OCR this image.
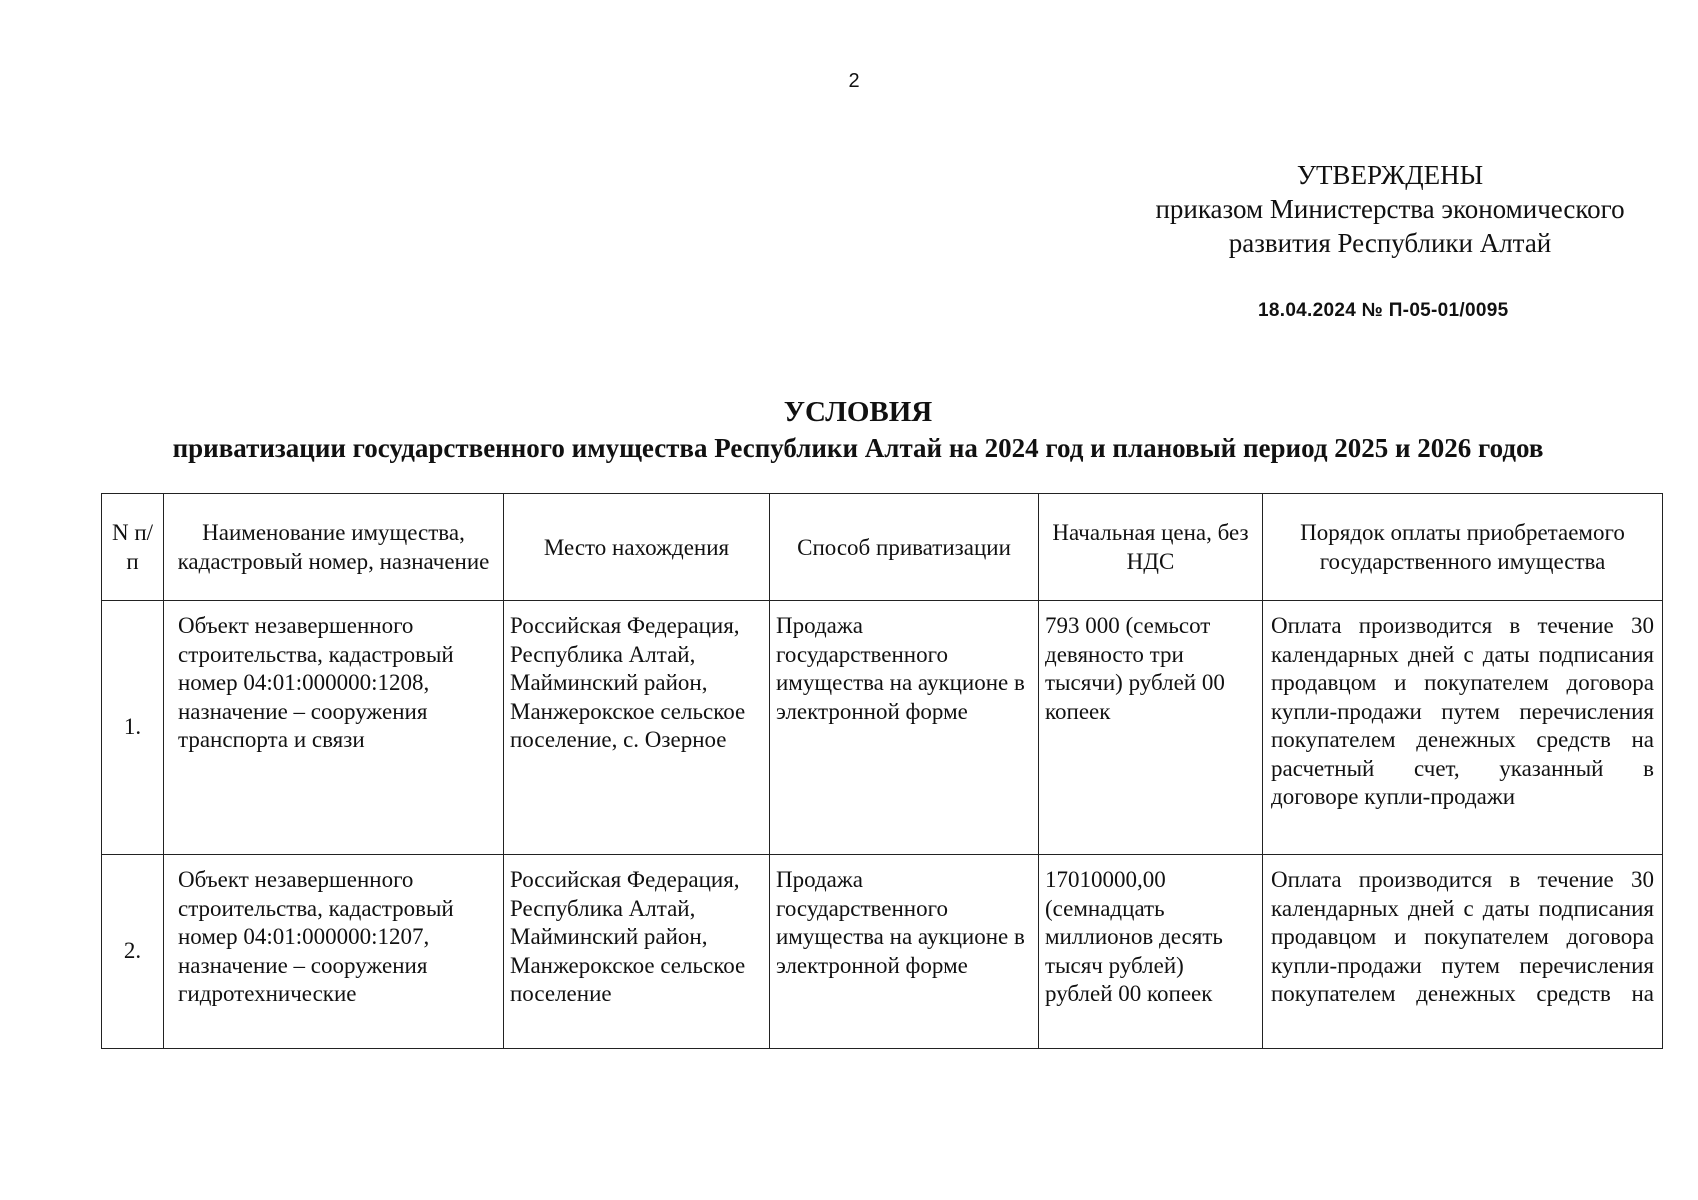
2
УТВЕРЖДЕНЫ
приказом Министерства экономического
развития Республики Алтай
18.04.2024 № П-05-01/0095
УСЛОВИЯ
приватизации государственного имущества Республики Алтай на 2024 год и плановый период 2025 и 2026 годов
N п/п	Наименование имущества, кадастровый номер, назначение	Место нахождения	Способ приватизации	Начальная цена, без НДС	Порядок оплаты приобретаемого государственного имущества
1.	Объект незавершенного строительства, кадастровый номер 04:01:000000:1208, назначение – сооружения транспорта и связи	Российская Федерация, Республика Алтай, Майминский район, Манжерокское сельское поселение, с. Озерное	Продажа государственного имущества на аукционе в электронной форме	793 000 (семьсот девяносто три тысячи) рублей 00 копеек	Оплата производится в течение 30 календарных дней с даты подписания продавцом и покупателем договора купли-продажи путем перечисления покупателем денежных средств на расчетный счет, указанный в
договоре купли-продажи

2.	Объект незавершенного строительства, кадастровый номер 04:01:000000:1207, назначение – сооружения гидротехнические	Российская Федерация, Республика Алтай, Майминский район, Манжерокское сельское поселение	Продажа государственного имущества на аукционе в электронной форме	17010000,00 (семнадцать миллионов десять тысяч рублей) рублей 00 копеек	Оплата производится в течение 30 календарных дней с даты подписания продавцом и покупателем договора купли-продажи путем перечисления покупателем денежных средств на
